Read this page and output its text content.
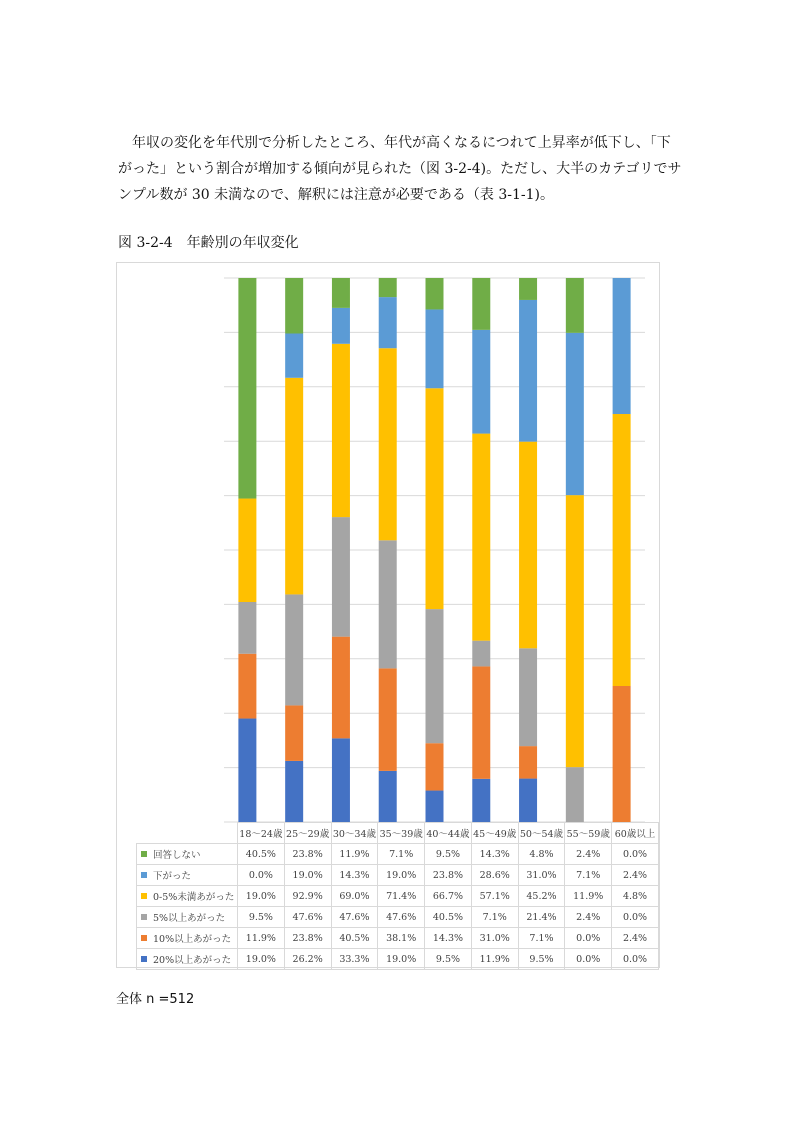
年収の変化を年代別で分析したところ、年代が高くなるにつれて上昇率が低下し、「下がった」という割合が増加する傾向が見られた（図 3-2-4)。ただし、大半のカテゴリでサンプル数が 30 未満なので、解釈には注意が必要である（表 3-1-1)。

図 3-2-4　年齢別の年収変化

	18〜24歳	25〜29歳	30〜34歳	35〜39歳	40〜44歳	45〜49歳	50〜54歳	55〜59歳	60歳以上
回答しない	40.5%	23.8%	11.9%	7.1%	9.5%	14.3%	4.8%	2.4%	0.0%
下がった	0.0%	19.0%	14.3%	19.0%	23.8%	28.6%	31.0%	7.1%	2.4%
0-5%未満あがった	19.0%	92.9%	69.0%	71.4%	66.7%	57.1%	45.2%	11.9%	4.8%
5%以上あがった	9.5%	47.6%	47.6%	47.6%	40.5%	7.1%	21.4%	2.4%	0.0%
10%以上あがった	11.9%	23.8%	40.5%	38.1%	14.3%	31.0%	7.1%	0.0%	2.4%
20%以上あがった	19.0%	26.2%	33.3%	19.0%	9.5%	11.9%	9.5%	0.0%	0.0%

全体 n =512
